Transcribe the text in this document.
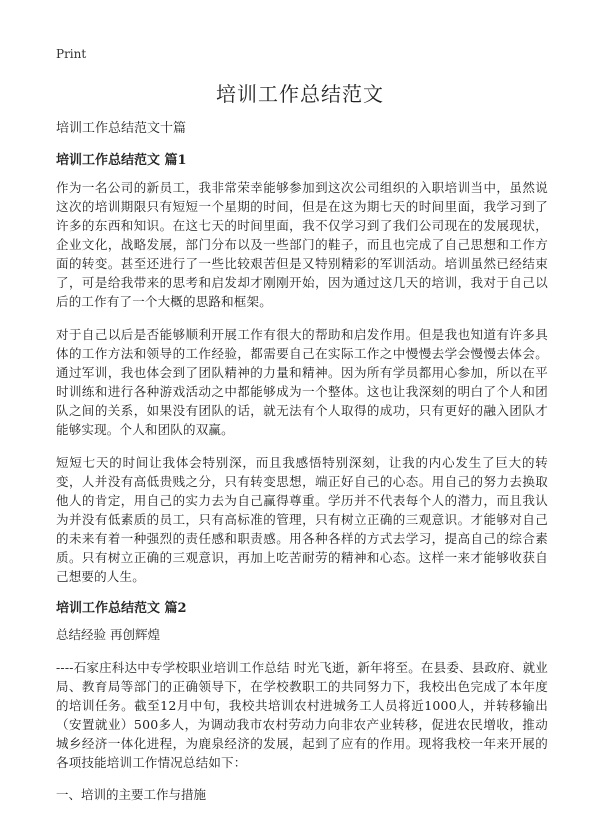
Print
培训工作总结范文

培训工作总结范文十篇

培训工作总结范文 篇1

作为一名公司的新员工，我非常荣幸能够参加到这次公司组织的入职培训当中，虽然说这次的培训期限只有短短一个星期的时间，但是在这为期七天的时间里面，我学习到了许多的东西和知识。在这七天的时间里面，我不仅学习到了我们公司现在的发展现状，企业文化，战略发展，部门分布以及一些部门的鞋子，而且也完成了自己思想和工作方面的转变。甚至还进行了一些比较艰苦但是又特别精彩的军训活动。培训虽然已经结束了，可是给我带来的思考和启发却才刚刚开始，因为通过这几天的培训，我对于自己以后的工作有了一个大概的思路和框架。

对于自己以后是否能够顺利开展工作有很大的帮助和启发作用。但是我也知道有许多具体的工作方法和领导的工作经验，都需要自己在实际工作之中慢慢去学会慢慢去体会。通过军训，我也体会到了团队精神的力量和精神。因为所有学员都用心参加，所以在平时训练和进行各种游戏活动之中都能够成为一个整体。这也让我深刻的明白了个人和团队之间的关系，如果没有团队的话，就无法有个人取得的成功，只有更好的融入团队才能够实现。个人和团队的双赢。

短短七天的时间让我体会特别深，而且我感悟特别深刻，让我的内心发生了巨大的转变，人并没有高低贵贱之分，只有转变思想，端正好自己的心态。用自己的努力去换取他人的肯定，用自己的实力去为自己赢得尊重。学历并不代表每个人的潜力，而且我认为并没有低素质的员工，只有高标准的管理，只有树立正确的三观意识。才能够对自己的未来有着一种强烈的责任感和职责感。用各种各样的方式去学习，提高自己的综合素质。只有树立正确的三观意识，再加上吃苦耐劳的精神和心态。这样一来才能够收获自己想要的人生。

培训工作总结范文 篇2

总结经验 再创辉煌

----石家庄科达中专学校职业培训工作总结 时光飞逝，新年将至。在县委、县政府、就业局、教育局等部门的正确领导下，在学校教职工的共同努力下，我校出色完成了本年度的培训任务。截至12月中旬，我校共培训农村进城务工人员将近1000人，并转移输出（安置就业）500多人，为调动我市农村劳动力向非农产业转移，促进农民增收，推动城乡经济一体化进程，为鹿泉经济的发展，起到了应有的作用。现将我校一年来开展的各项技能培训工作情况总结如下：

一、培训的主要工作与措施
